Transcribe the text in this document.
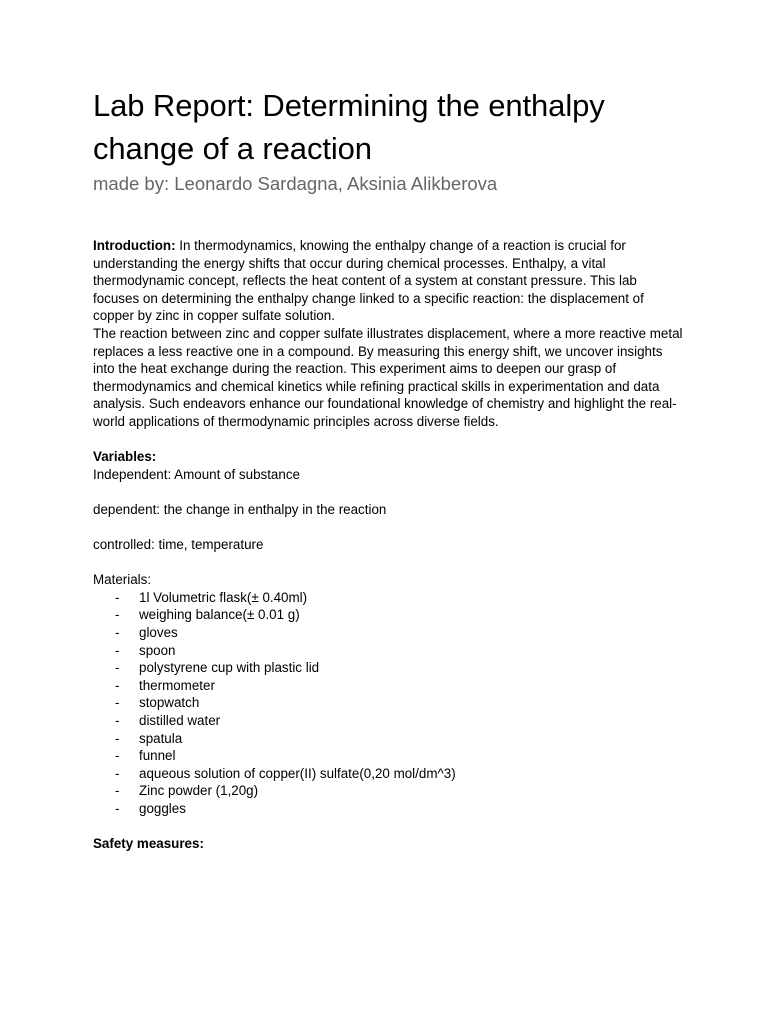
Lab Report: Determining the enthalpy change of a reaction
made by: Leonardo Sardagna, Aksinia Alikberova

Introduction: In thermodynamics, knowing the enthalpy change of a reaction is crucial for understanding the energy shifts that occur during chemical processes. Enthalpy, a vital thermodynamic concept, reflects the heat content of a system at constant pressure. This lab focuses on determining the enthalpy change linked to a specific reaction: the displacement of copper by zinc in copper sulfate solution.

The reaction between zinc and copper sulfate illustrates displacement, where a more reactive metal replaces a less reactive one in a compound. By measuring this energy shift, we uncover insights into the heat exchange during the reaction. This experiment aims to deepen our grasp of thermodynamics and chemical kinetics while refining practical skills in experimentation and data analysis. Such endeavors enhance our foundational knowledge of chemistry and highlight the real-world applications of thermodynamic principles across diverse fields.

Variables:
Independent: Amount of substance
dependent: the change in enthalpy in the reaction
controlled: time, temperature
Materials:
- 1l Volumetric flask(± 0.40ml)
- weighing balance(± 0.01 g)
- gloves
- spoon
- polystyrene cup with plastic lid
- thermometer
- stopwatch
- distilled water
- spatula
- funnel
- aqueous solution of copper(II) sulfate(0,20 mol/dm^3)
- Zinc powder (1,20g)
- goggles
Safety measures:
